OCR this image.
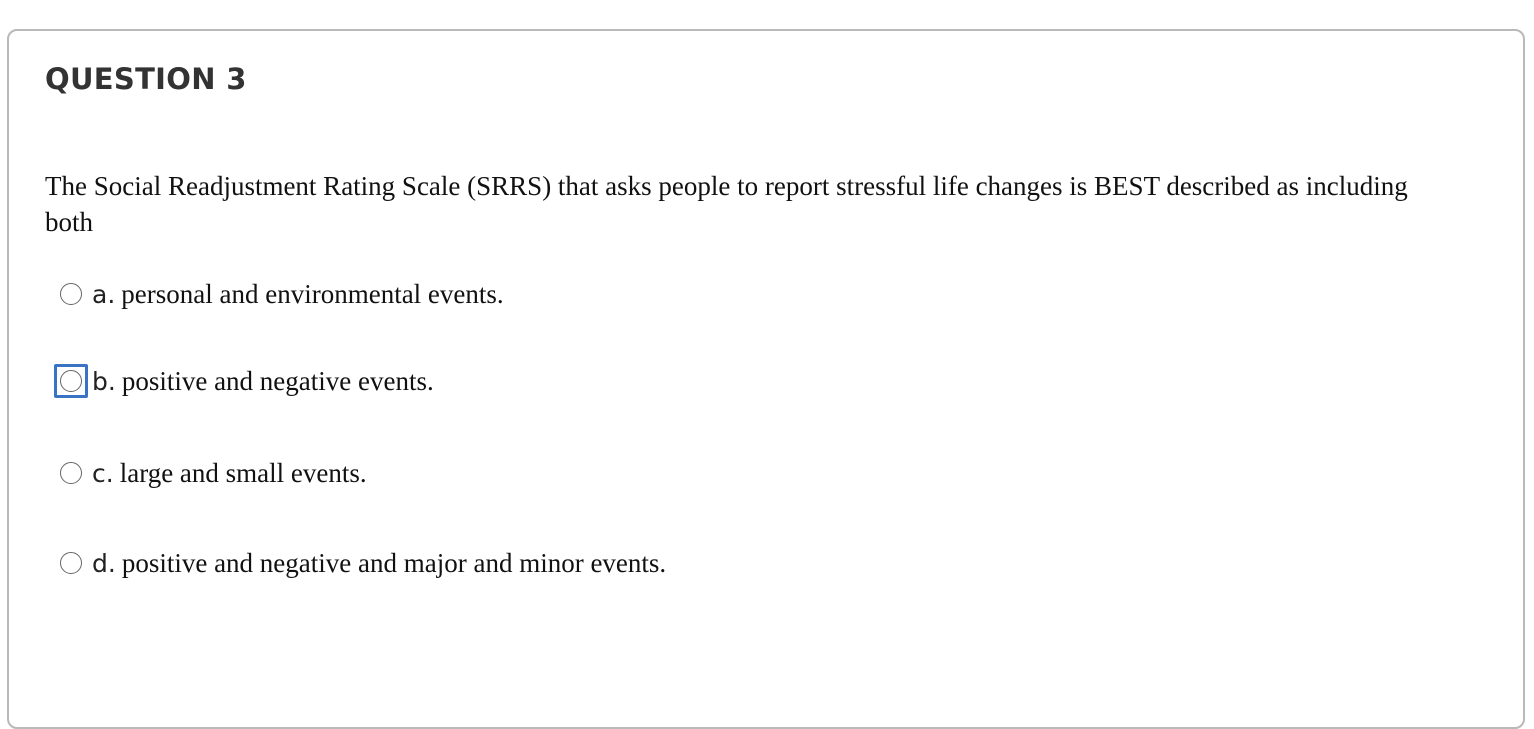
QUESTION 3

The Social Readjustment Rating Scale (SRRS) that asks people to report stressful life changes is BEST described as including both

a. personal and environmental events.
b. positive and negative events.
c. large and small events.
d. positive and negative and major and minor events.
